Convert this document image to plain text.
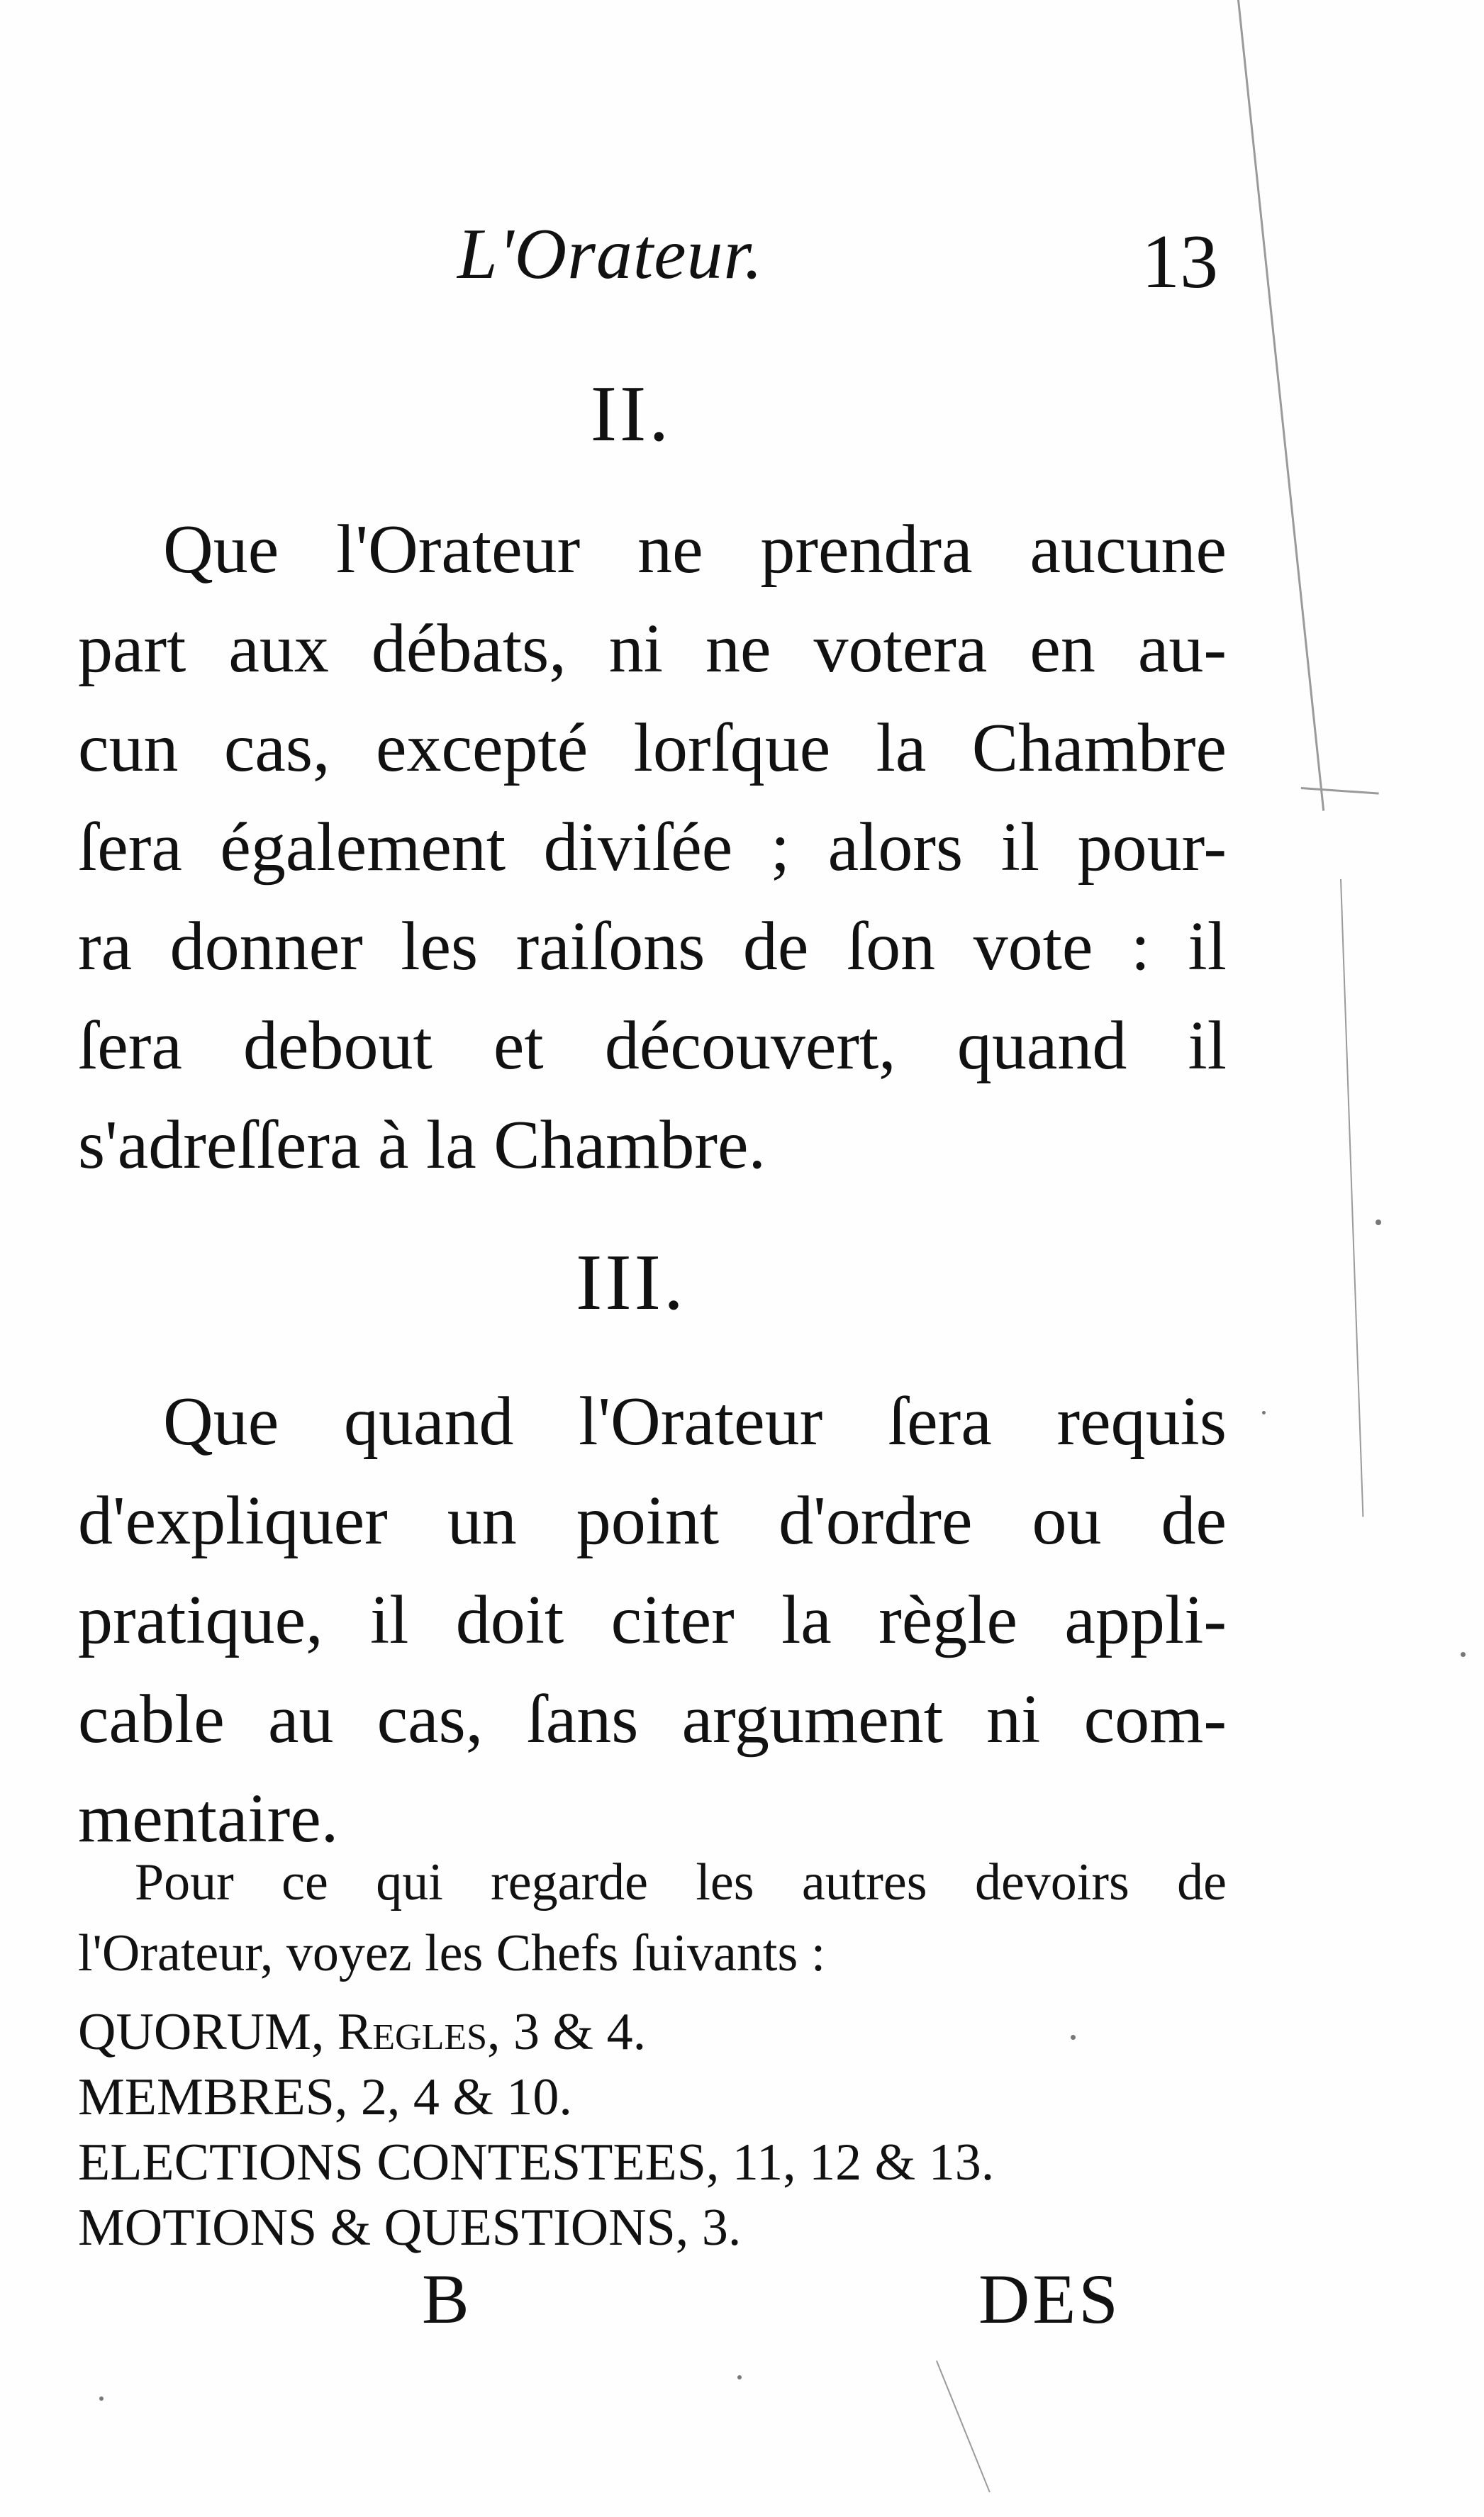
L'Orateur.	13
II.
Que l'Orateur ne prendra aucune
part aux débats, ni ne votera en au-
cun cas, excepté lorſque la Chambre
ſera également diviſée ; alors il pour-
ra donner les raiſons de ſon vote : il
ſera debout et découvert, quand il
s'adreſſera à la Chambre.
III.
Que quand l'Orateur ſera requis
d'expliquer un point d'ordre ou de
pratique, il doit citer la règle appli-
cable au cas, ſans argument ni com-
mentaire.
Pour ce qui regarde les autres devoirs de
l'Orateur, voyez les Chefs ſuivants :
QUORUM, Regles, 3 & 4.
MEMBRES, 2, 4 & 10.
ELECTIONS CONTESTEES, 11, 12 & 13.
MOTIONS & QUESTIONS, 3.
B	DES
